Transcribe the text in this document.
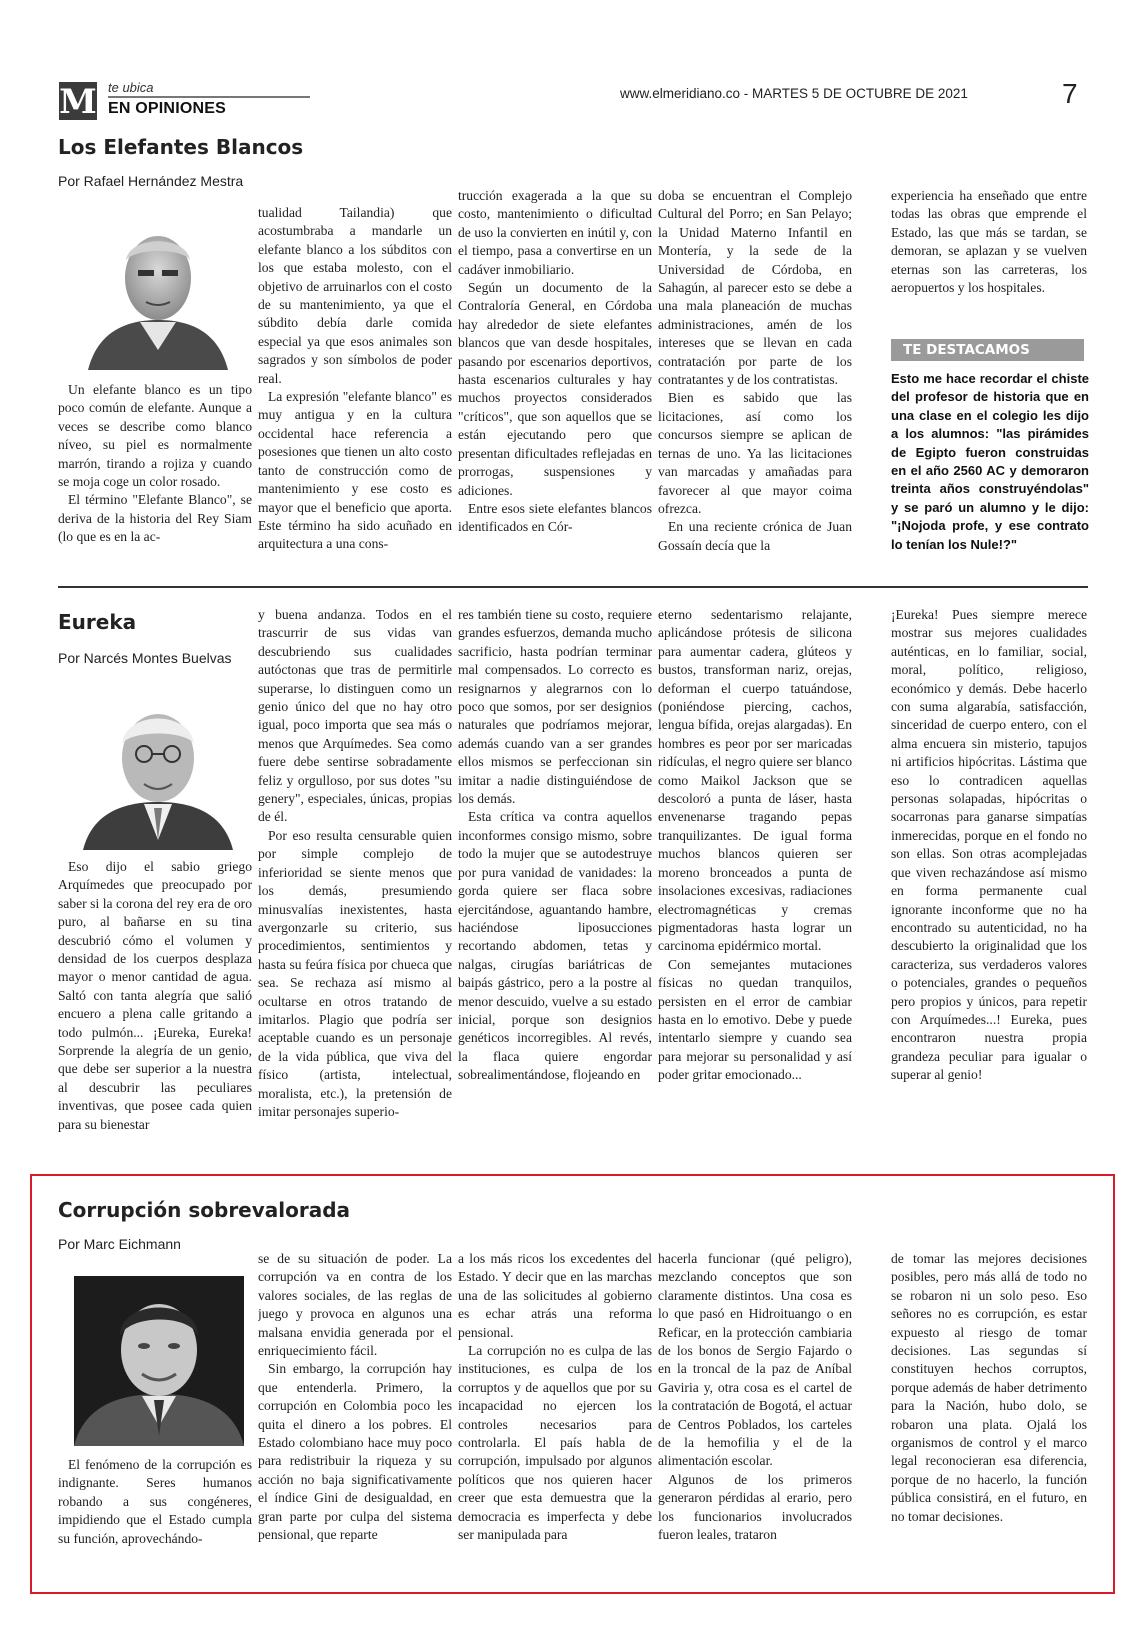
M te ubica
EN OPINIONES
www.elmeridiano.co - MARTES 5 DE OCTUBRE DE 2021	7
Los Elefantes Blancos
Por Rafael Hernández Mestra

Un elefante blanco es un tipo poco común de elefante. Aunque a veces se describe como blanco níveo, su piel es normalmente marrón, tirando a rojiza y cuando se moja coge un color rosado.

El término "Elefante Blanco", se deriva de la historia del Rey Siam (lo que es en la ac-

tualidad Tailandia) que acostumbraba a mandarle un elefante blanco a los súbditos con los que estaba molesto, con el objetivo de arruinarlos con el costo de su mantenimiento, ya que el súbdito debía darle comida especial ya que esos animales son sagrados y son símbolos de poder real.

La expresión "elefante blanco" es muy antigua y en la cultura occidental hace referencia a posesiones que tienen un alto costo tanto de construcción como de mantenimiento y ese costo es mayor que el beneficio que aporta. Este término ha sido acuñado en arquitectura a una cons-

trucción exagerada a la que su costo, mantenimiento o dificultad de uso la convierten en inútil y, con el tiempo, pasa a convertirse en un cadáver inmobiliario.

Según un documento de la Contraloría General, en Córdoba hay alrededor de siete elefantes blancos que van desde hospitales, pasando por escenarios deportivos, hasta escenarios culturales y hay muchos proyectos considerados "críticos", que son aquellos que se están ejecutando pero que presentan dificultades reflejadas en prorrogas, suspensiones y adiciones.

Entre esos siete elefantes blancos identificados en Cór-

doba se encuentran el Complejo Cultural del Porro; en San Pelayo; la Unidad Materno Infantil en Montería, y la sede de la Universidad de Córdoba, en Sahagún, al parecer esto se debe a una mala planeación de muchas administraciones, amén de los intereses que se llevan en cada contratación por parte de los contratantes y de los contratistas.

Bien es sabido que las licitaciones, así como los concursos siempre se aplican de ternas de uno. Ya las licitaciones van marcadas y amañadas para favorecer al que mayor coima ofrezca.

En una reciente crónica de Juan Gossaín decía que la

experiencia ha enseñado que entre todas las obras que emprende el Estado, las que más se tardan, se demoran, se aplazan y se vuelven eternas son las carreteras, los aeropuertos y los hospitales.

TE DESTACAMOS
Esto me hace recordar el chiste del profesor de historia que en una clase en el colegio les dijo a los alumnos: "las pirámides de Egipto fueron construidas en el año 2560 AC y demoraron treinta años construyéndolas" y se paró un alumno y le dijo: "¡Nojoda profe, y ese contrato lo tenían los Nule!?"
Eureka
Por Narcés Montes Buelvas

Eso dijo el sabio griego Arquímedes que preocupado por saber si la corona del rey era de oro puro, al bañarse en su tina descubrió cómo el volumen y densidad de los cuerpos desplaza mayor o menor cantidad de agua. Saltó con tanta alegría que salió encuero a plena calle gritando a todo pulmón... ¡Eureka, Eureka! Sorprende la alegría de un genio, que debe ser superior a la nuestra al descubrir las peculiares inventivas, que posee cada quien para su bienestar

y buena andanza. Todos en el trascurrir de sus vidas van descubriendo sus cualidades autóctonas que tras de permitirle superarse, lo distinguen como un genio único del que no hay otro igual, poco importa que sea más o menos que Arquímedes. Sea como fuere debe sentirse sobradamente feliz y orgulloso, por sus dotes "su genery", especiales, únicas, propias de él.

Por eso resulta censurable quien por simple complejo de inferioridad se siente menos que los demás, presumiendo minusvalías inexistentes, hasta avergonzarle su criterio, sus procedimientos, sentimientos y hasta su feúra física por chueca que sea. Se rechaza así mismo al ocultarse en otros tratando de imitarlos. Plagio que podría ser aceptable cuando es un personaje de la vida pública, que viva del físico (artista, intelectual, moralista, etc.), la pretensión de imitar personajes superio-

res también tiene su costo, requiere grandes esfuerzos, demanda mucho sacrificio, hasta podrían terminar mal compensados. Lo correcto es resignarnos y alegrarnos con lo poco que somos, por ser designios naturales que podríamos mejorar, además cuando van a ser grandes ellos mismos se perfeccionan sin imitar a nadie distinguiéndose de los demás.

Esta crítica va contra aquellos inconformes consigo mismo, sobre todo la mujer que se autodestruye por pura vanidad de vanidades: la gorda quiere ser flaca sobre ejercitándose, aguantando hambre, haciéndose liposucciones recortando abdomen, tetas y nalgas, cirugías bariátricas de baipás gástrico, pero a la postre al menor descuido, vuelve a su estado inicial, porque son designios genéticos incorregibles. Al revés, la flaca quiere engordar sobrealimentándose, flojeando en

eterno sedentarismo relajante, aplicándose prótesis de silicona para aumentar cadera, glúteos y bustos, transforman nariz, orejas, deforman el cuerpo tatuándose, (poniéndose piercing, cachos, lengua bífida, orejas alargadas). En hombres es peor por ser maricadas ridículas, el negro quiere ser blanco como Maikol Jackson que se descoloró a punta de láser, hasta envenenarse tragando pepas tranquilizantes. De igual forma muchos blancos quieren ser moreno bronceados a punta de insolaciones excesivas, radiaciones electromagnéticas y cremas pigmentadoras hasta lograr un carcinoma epidérmico mortal.

Con semejantes mutaciones físicas no quedan tranquilos, persisten en el error de cambiar hasta en lo emotivo. Debe y puede intentarlo siempre y cuando sea para mejorar su personalidad y así poder gritar emocionado...

¡Eureka! Pues siempre merece mostrar sus mejores cualidades auténticas, en lo familiar, social, moral, político, religioso, económico y demás. Debe hacerlo con suma algarabía, satisfacción, sinceridad de cuerpo entero, con el alma encuera sin misterio, tapujos ni artificios hipócritas. Lástima que eso lo contradicen aquellas personas solapadas, hipócritas o socarronas para ganarse simpatías inmerecidas, porque en el fondo no son ellas. Son otras acomplejadas que viven rechazándose así mismo en forma permanente cual ignorante inconforme que no ha encontrado su autenticidad, no ha descubierto la originalidad que los caracteriza, sus verdaderos valores o potenciales, grandes o pequeños pero propios y únicos, para repetir con Arquímedes...! Eureka, pues encontraron nuestra propia grandeza peculiar para igualar o superar al genio!

Corrupción sobrevalorada
Por Marc Eichmann

El fenómeno de la corrupción es indignante. Seres humanos robando a sus congéneres, impidiendo que el Estado cumpla su función, aprovechándo-

se de su situación de poder. La corrupción va en contra de los valores sociales, de las reglas de juego y provoca en algunos una malsana envidia generada por el enriquecimiento fácil.

Sin embargo, la corrupción hay que entenderla. Primero, la corrupción en Colombia poco les quita el dinero a los pobres. El Estado colombiano hace muy poco para redistribuir la riqueza y su acción no baja significativamente el índice Gini de desigualdad, en gran parte por culpa del sistema pensional, que reparte

a los más ricos los excedentes del Estado. Y decir que en las marchas una de las solicitudes al gobierno es echar atrás una reforma pensional.

La corrupción no es culpa de las instituciones, es culpa de los corruptos y de aquellos que por su incapacidad no ejercen los controles necesarios para controlarla. El país habla de corrupción, impulsado por algunos políticos que nos quieren hacer creer que esta demuestra que la democracia es imperfecta y debe ser manipulada para

hacerla funcionar (qué peligro), mezclando conceptos que son claramente distintos. Una cosa es lo que pasó en Hidroituango o en Reficar, en la protección cambiaria de los bonos de Sergio Fajardo o en la troncal de la paz de Aníbal Gaviria y, otra cosa es el cartel de la contratación de Bogotá, el actuar de Centros Poblados, los carteles de la hemofilia y el de la alimentación escolar.

Algunos de los primeros generaron pérdidas al erario, pero los funcionarios involucrados fueron leales, trataron

de tomar las mejores decisiones posibles, pero más allá de todo no se robaron ni un solo peso. Eso señores no es corrupción, es estar expuesto al riesgo de tomar decisiones. Las segundas sí constituyen hechos corruptos, porque además de haber detrimento para la Nación, hubo dolo, se robaron una plata. Ojalá los organismos de control y el marco legal reconocieran esa diferencia, porque de no hacerlo, la función pública consistirá, en el futuro, en no tomar decisiones.
